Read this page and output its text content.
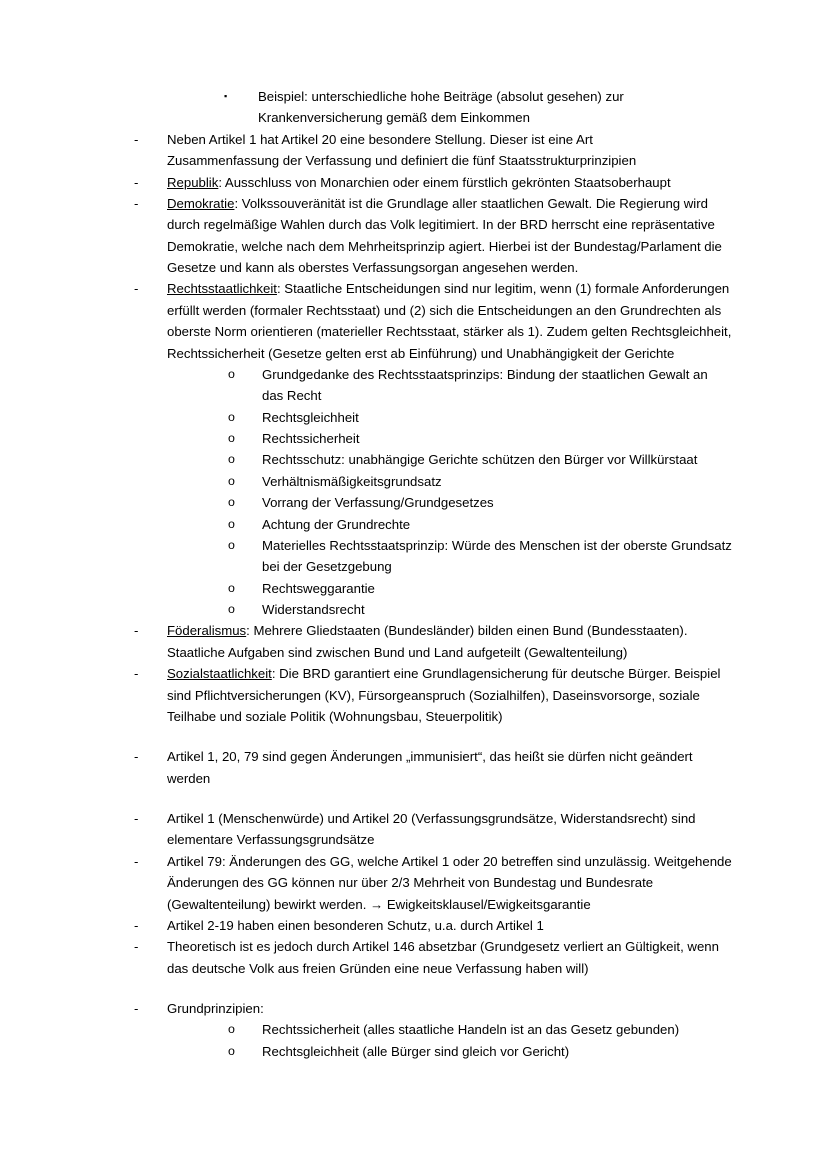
▪	Beispiel: unterschiedliche hohe Beiträge (absolut gesehen) zur
Krankenversicherung gemäß dem Einkommen
-	Neben Artikel 1 hat Artikel 20 eine besondere Stellung. Dieser ist eine Art
Zusammenfassung der Verfassung und definiert die fünf Staatsstrukturprinzipien
-	Republik: Ausschluss von Monarchien oder einem fürstlich gekrönten Staatsoberhaupt
-	Demokratie: Volkssouveränität ist die Grundlage aller staatlichen Gewalt. Die Regierung wird durch regelmäßige Wahlen durch das Volk legitimiert. In der BRD herrscht eine repräsentative Demokratie, welche nach dem Mehrheitsprinzip agiert. Hierbei ist der Bundestag/Parlament die Gesetze und kann als oberstes Verfassungsorgan angesehen werden.
-	Rechtsstaatlichkeit: Staatliche Entscheidungen sind nur legitim, wenn (1) formale Anforderungen erfüllt werden (formaler Rechtsstaat) und (2) sich die Entscheidungen an den Grundrechten als oberste Norm orientieren (materieller Rechtsstaat, stärker als 1). Zudem gelten Rechtsgleichheit, Rechtssicherheit (Gesetze gelten erst ab Einführung) und Unabhängigkeit der Gerichte
o	Grundgedanke des Rechtsstaatsprinzips: Bindung der staatlichen Gewalt an das Recht
o	Rechtsgleichheit
o	Rechtssicherheit
o	Rechtsschutz: unabhängige Gerichte schützen den Bürger vor Willkürstaat
o	Verhältnismäßigkeitsgrundsatz
o	Vorrang der Verfassung/Grundgesetzes
o	Achtung der Grundrechte
o	Materielles Rechtsstaatsprinzip: Würde des Menschen ist der oberste Grundsatz bei der Gesetzgebung
o	Rechtsweggarantie
o	Widerstandsrecht
-	Föderalismus: Mehrere Gliedstaaten (Bundesländer) bilden einen Bund (Bundesstaaten). Staatliche Aufgaben sind zwischen Bund und Land aufgeteilt (Gewaltenteilung)
-	Sozialstaatlichkeit: Die BRD garantiert eine Grundlagensicherung für deutsche Bürger. Beispiel sind Pflichtversicherungen (KV), Fürsorgeanspruch (Sozialhilfen), Daseinsvorsorge, soziale Teilhabe und soziale Politik (Wohnungsbau, Steuerpolitik)
-	Artikel 1, 20, 79 sind gegen Änderungen „immunisiert“, das heißt sie dürfen nicht geändert werden
-	Artikel 1 (Menschenwürde) und Artikel 20 (Verfassungsgrundsätze, Widerstandsrecht) sind elementare Verfassungsgrundsätze
-	Artikel 79: Änderungen des GG, welche Artikel 1 oder 20 betreffen sind unzulässig. Weitgehende Änderungen des GG können nur über 2/3 Mehrheit von Bundestag und Bundesrate (Gewaltenteilung) bewirkt werden. → Ewigkeitsklausel/Ewigkeitsgarantie
-	Artikel 2-19 haben einen besonderen Schutz, u.a. durch Artikel 1
-	Theoretisch ist es jedoch durch Artikel 146 absetzbar (Grundgesetz verliert an Gültigkeit, wenn das deutsche Volk aus freien Gründen eine neue Verfassung haben will)
-	Grundprinzipien:
o	Rechtssicherheit (alles staatliche Handeln ist an das Gesetz gebunden)
o	Rechtsgleichheit (alle Bürger sind gleich vor Gericht)
